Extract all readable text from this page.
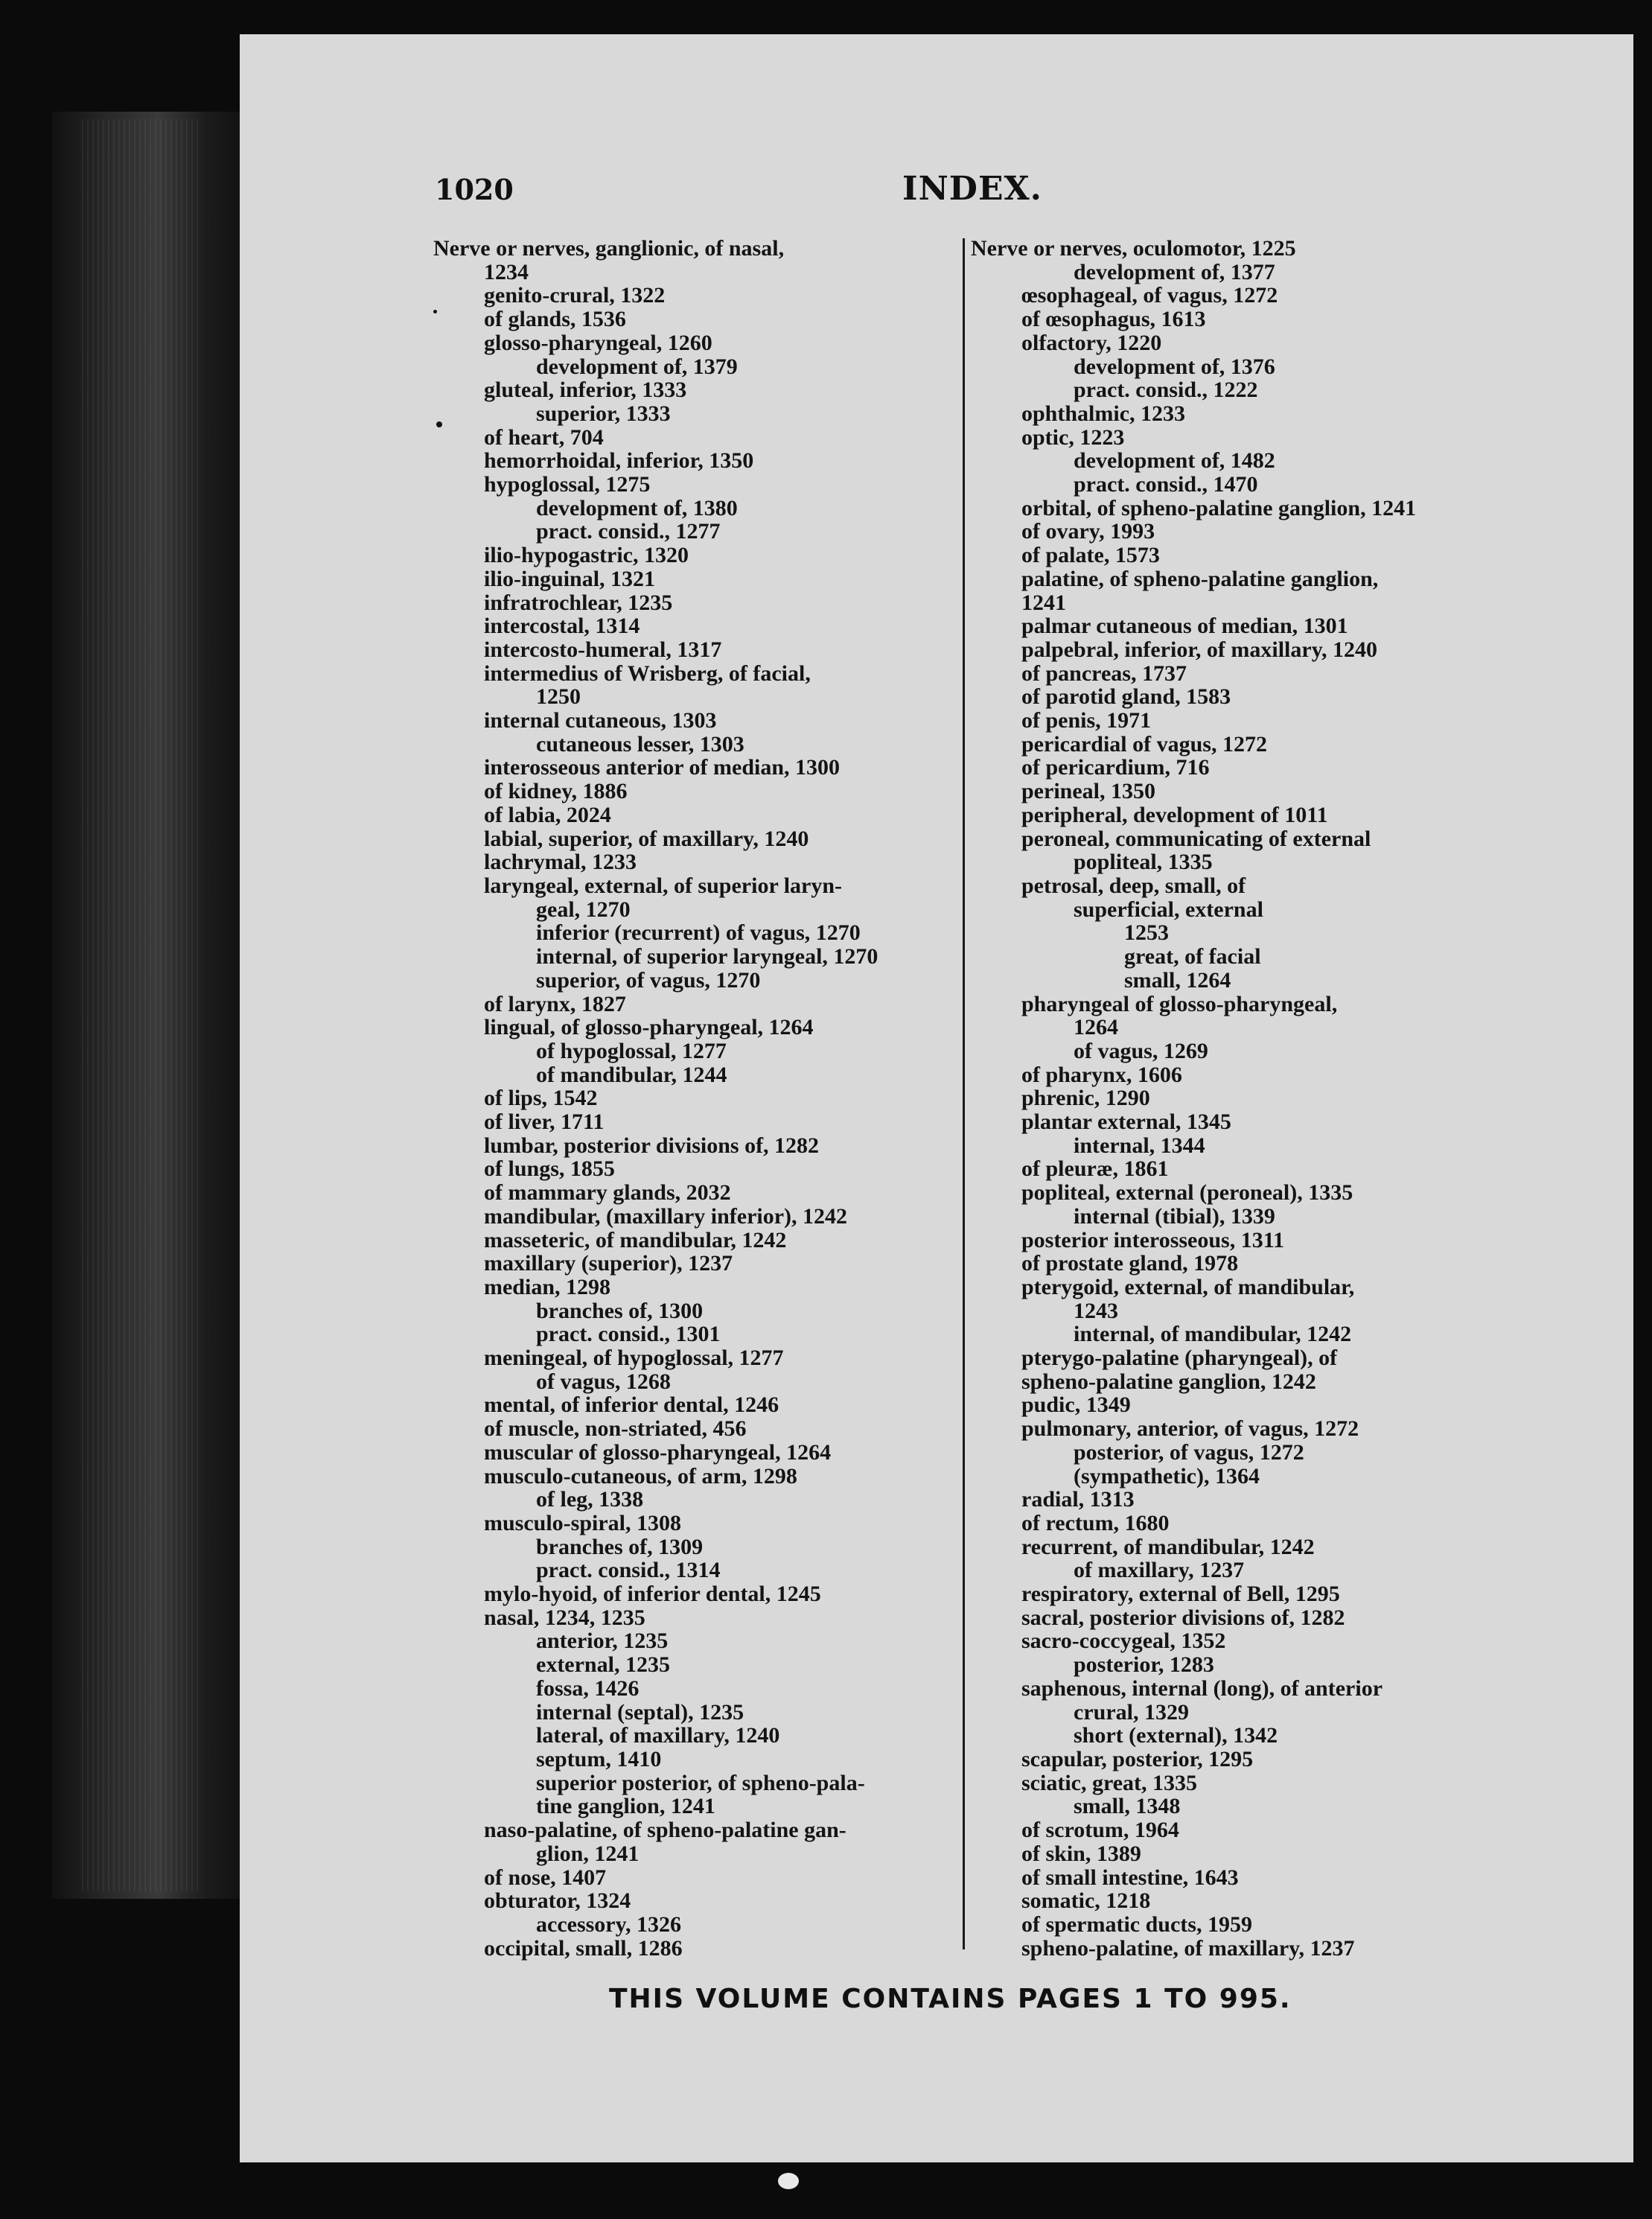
1020	INDEX.
Nerve or nerves, ganglionic, of nasal,
1234
genito-crural, 1322
of glands, 1536
glosso-pharyngeal, 1260
development of, 1379
gluteal, inferior, 1333
superior, 1333
of heart, 704
hemorrhoidal, inferior, 1350
hypoglossal, 1275
development of, 1380
pract. consid., 1277
ilio-hypogastric, 1320
ilio-inguinal, 1321
infratrochlear, 1235
intercostal, 1314
intercosto-humeral, 1317
intermedius of Wrisberg, of facial,
1250
internal cutaneous, 1303
cutaneous lesser, 1303
interosseous anterior of median, 1300
of kidney, 1886
of labia, 2024
labial, superior, of maxillary, 1240
lachrymal, 1233
laryngeal, external, of superior laryn-
geal, 1270
inferior (recurrent) of vagus, 1270
internal, of superior laryngeal, 1270
superior, of vagus, 1270
of larynx, 1827
lingual, of glosso-pharyngeal, 1264
of hypoglossal, 1277
of mandibular, 1244
of lips, 1542
of liver, 1711
lumbar, posterior divisions of, 1282
of lungs, 1855
of mammary glands, 2032
mandibular, (maxillary inferior), 1242
masseteric, of mandibular, 1242
maxillary (superior), 1237
median, 1298
branches of, 1300
pract. consid., 1301
meningeal, of hypoglossal, 1277
of vagus, 1268
mental, of inferior dental, 1246
of muscle, non-striated, 456
muscular of glosso-pharyngeal, 1264
musculo-cutaneous, of arm, 1298
of leg, 1338
musculo-spiral, 1308
branches of, 1309
pract. consid., 1314
mylo-hyoid, of inferior dental, 1245
nasal, 1234, 1235
anterior, 1235
external, 1235
fossa, 1426
internal (septal), 1235
lateral, of maxillary, 1240
septum, 1410
superior posterior, of spheno-pala-
tine ganglion, 1241
naso-palatine, of spheno-palatine gan-
glion, 1241
of nose, 1407
obturator, 1324
accessory, 1326
occipital, small, 1286
Nerve or nerves, oculomotor, 1225
development of, 1377
œsophageal, of vagus, 1272
of œsophagus, 1613
olfactory, 1220
development of, 1376
pract. consid., 1222
ophthalmic, 1233
optic, 1223
development of, 1482
pract. consid., 1470
orbital, of spheno-palatine ganglion, 1241
of ovary, 1993
of palate, 1573
palatine, of spheno-palatine ganglion,
1241
palmar cutaneous of median, 1301
palpebral, inferior, of maxillary, 1240
of pancreas, 1737
of parotid gland, 1583
of penis, 1971
pericardial of vagus, 1272
of pericardium, 716
perineal, 1350
peripheral, development of 1011
peroneal, communicating of external
popliteal, 1335
petrosal, deep, small, of
superficial, external
1253
great, of facial
small, 1264
pharyngeal of glosso-pharyngeal,
1264
of vagus, 1269
of pharynx, 1606
phrenic, 1290
plantar external, 1345
internal, 1344
of pleuræ, 1861
popliteal, external (peroneal), 1335
internal (tibial), 1339
posterior interosseous, 1311
of prostate gland, 1978
pterygoid, external, of mandibular,
1243
internal, of mandibular, 1242
pterygo-palatine (pharyngeal), of
spheno-palatine ganglion, 1242
pudic, 1349
pulmonary, anterior, of vagus, 1272
posterior, of vagus, 1272
(sympathetic), 1364
radial, 1313
of rectum, 1680
recurrent, of mandibular, 1242
of maxillary, 1237
respiratory, external of Bell, 1295
sacral, posterior divisions of, 1282
sacro-coccygeal, 1352
posterior, 1283
saphenous, internal (long), of anterior
crural, 1329
short (external), 1342
scapular, posterior, 1295
sciatic, great, 1335
small, 1348
of scrotum, 1964
of skin, 1389
of small intestine, 1643
somatic, 1218
of spermatic ducts, 1959
spheno-palatine, of maxillary, 1237
THIS VOLUME CONTAINS PAGES 1 TO 995.
